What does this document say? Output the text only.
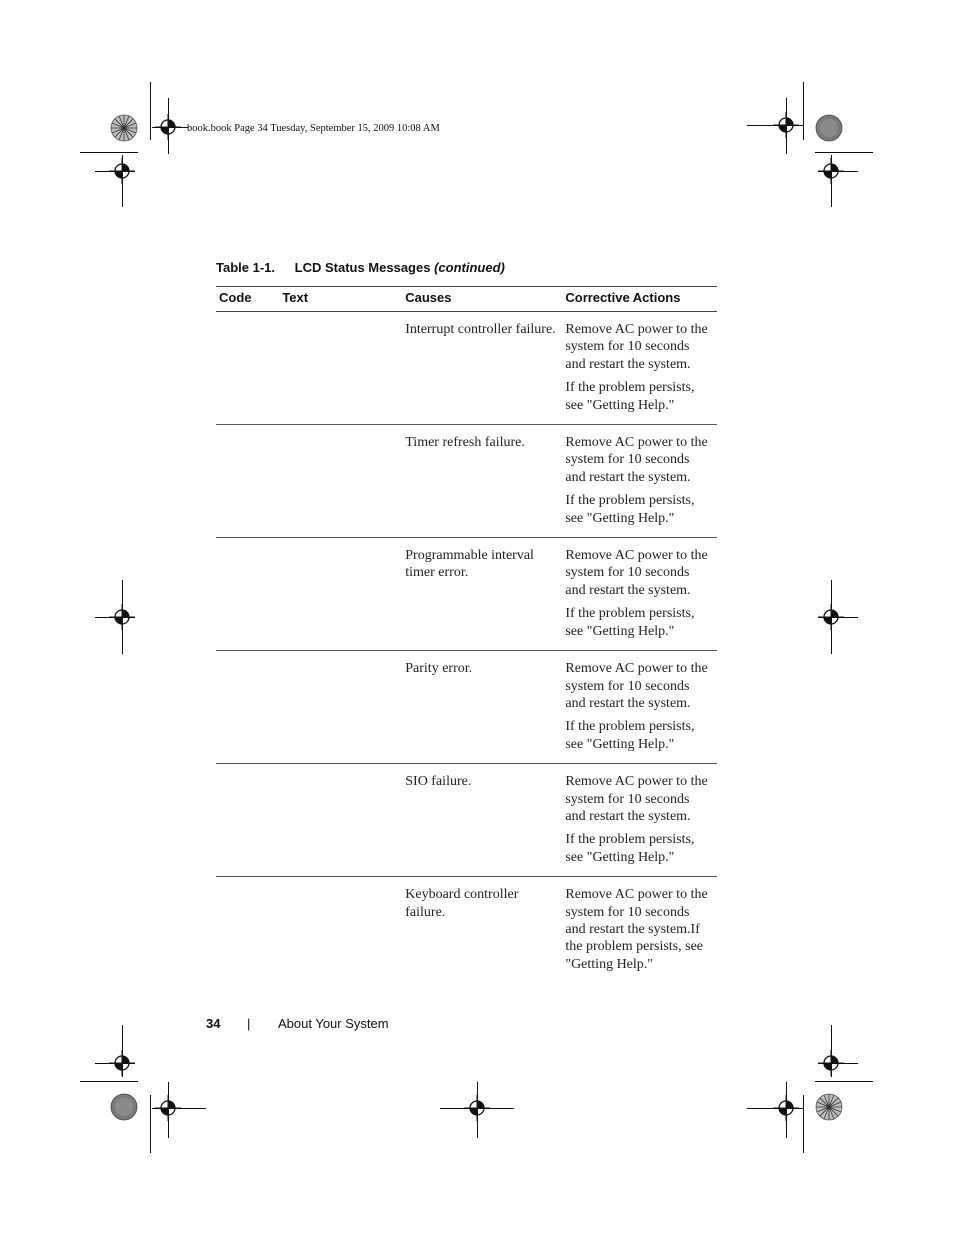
book.book Page 34 Tuesday, September 15, 2009 10:08 AM
Table 1-1. LCD Status Messages (continued)
Code	Text	Causes	Corrective Actions
		Interrupt controller failure.	Remove AC power to the system for 10 seconds and restart the system.
If the problem persists, see "Getting Help."

		Timer refresh failure.	Remove AC power to the system for 10 seconds and restart the system.
If the problem persists, see "Getting Help."

		Programmable interval timer error.	Remove AC power to the system for 10 seconds and restart the system.
If the problem persists, see "Getting Help."

		Parity error.	Remove AC power to the system for 10 seconds and restart the system.
If the problem persists, see "Getting Help."

		SIO failure.	Remove AC power to the system for 10 seconds and restart the system.
If the problem persists, see "Getting Help."

		Keyboard controller failure.	Remove AC power to the system for 10 seconds and restart the system.If the problem persists, see "Getting Help."
34 | About Your System
